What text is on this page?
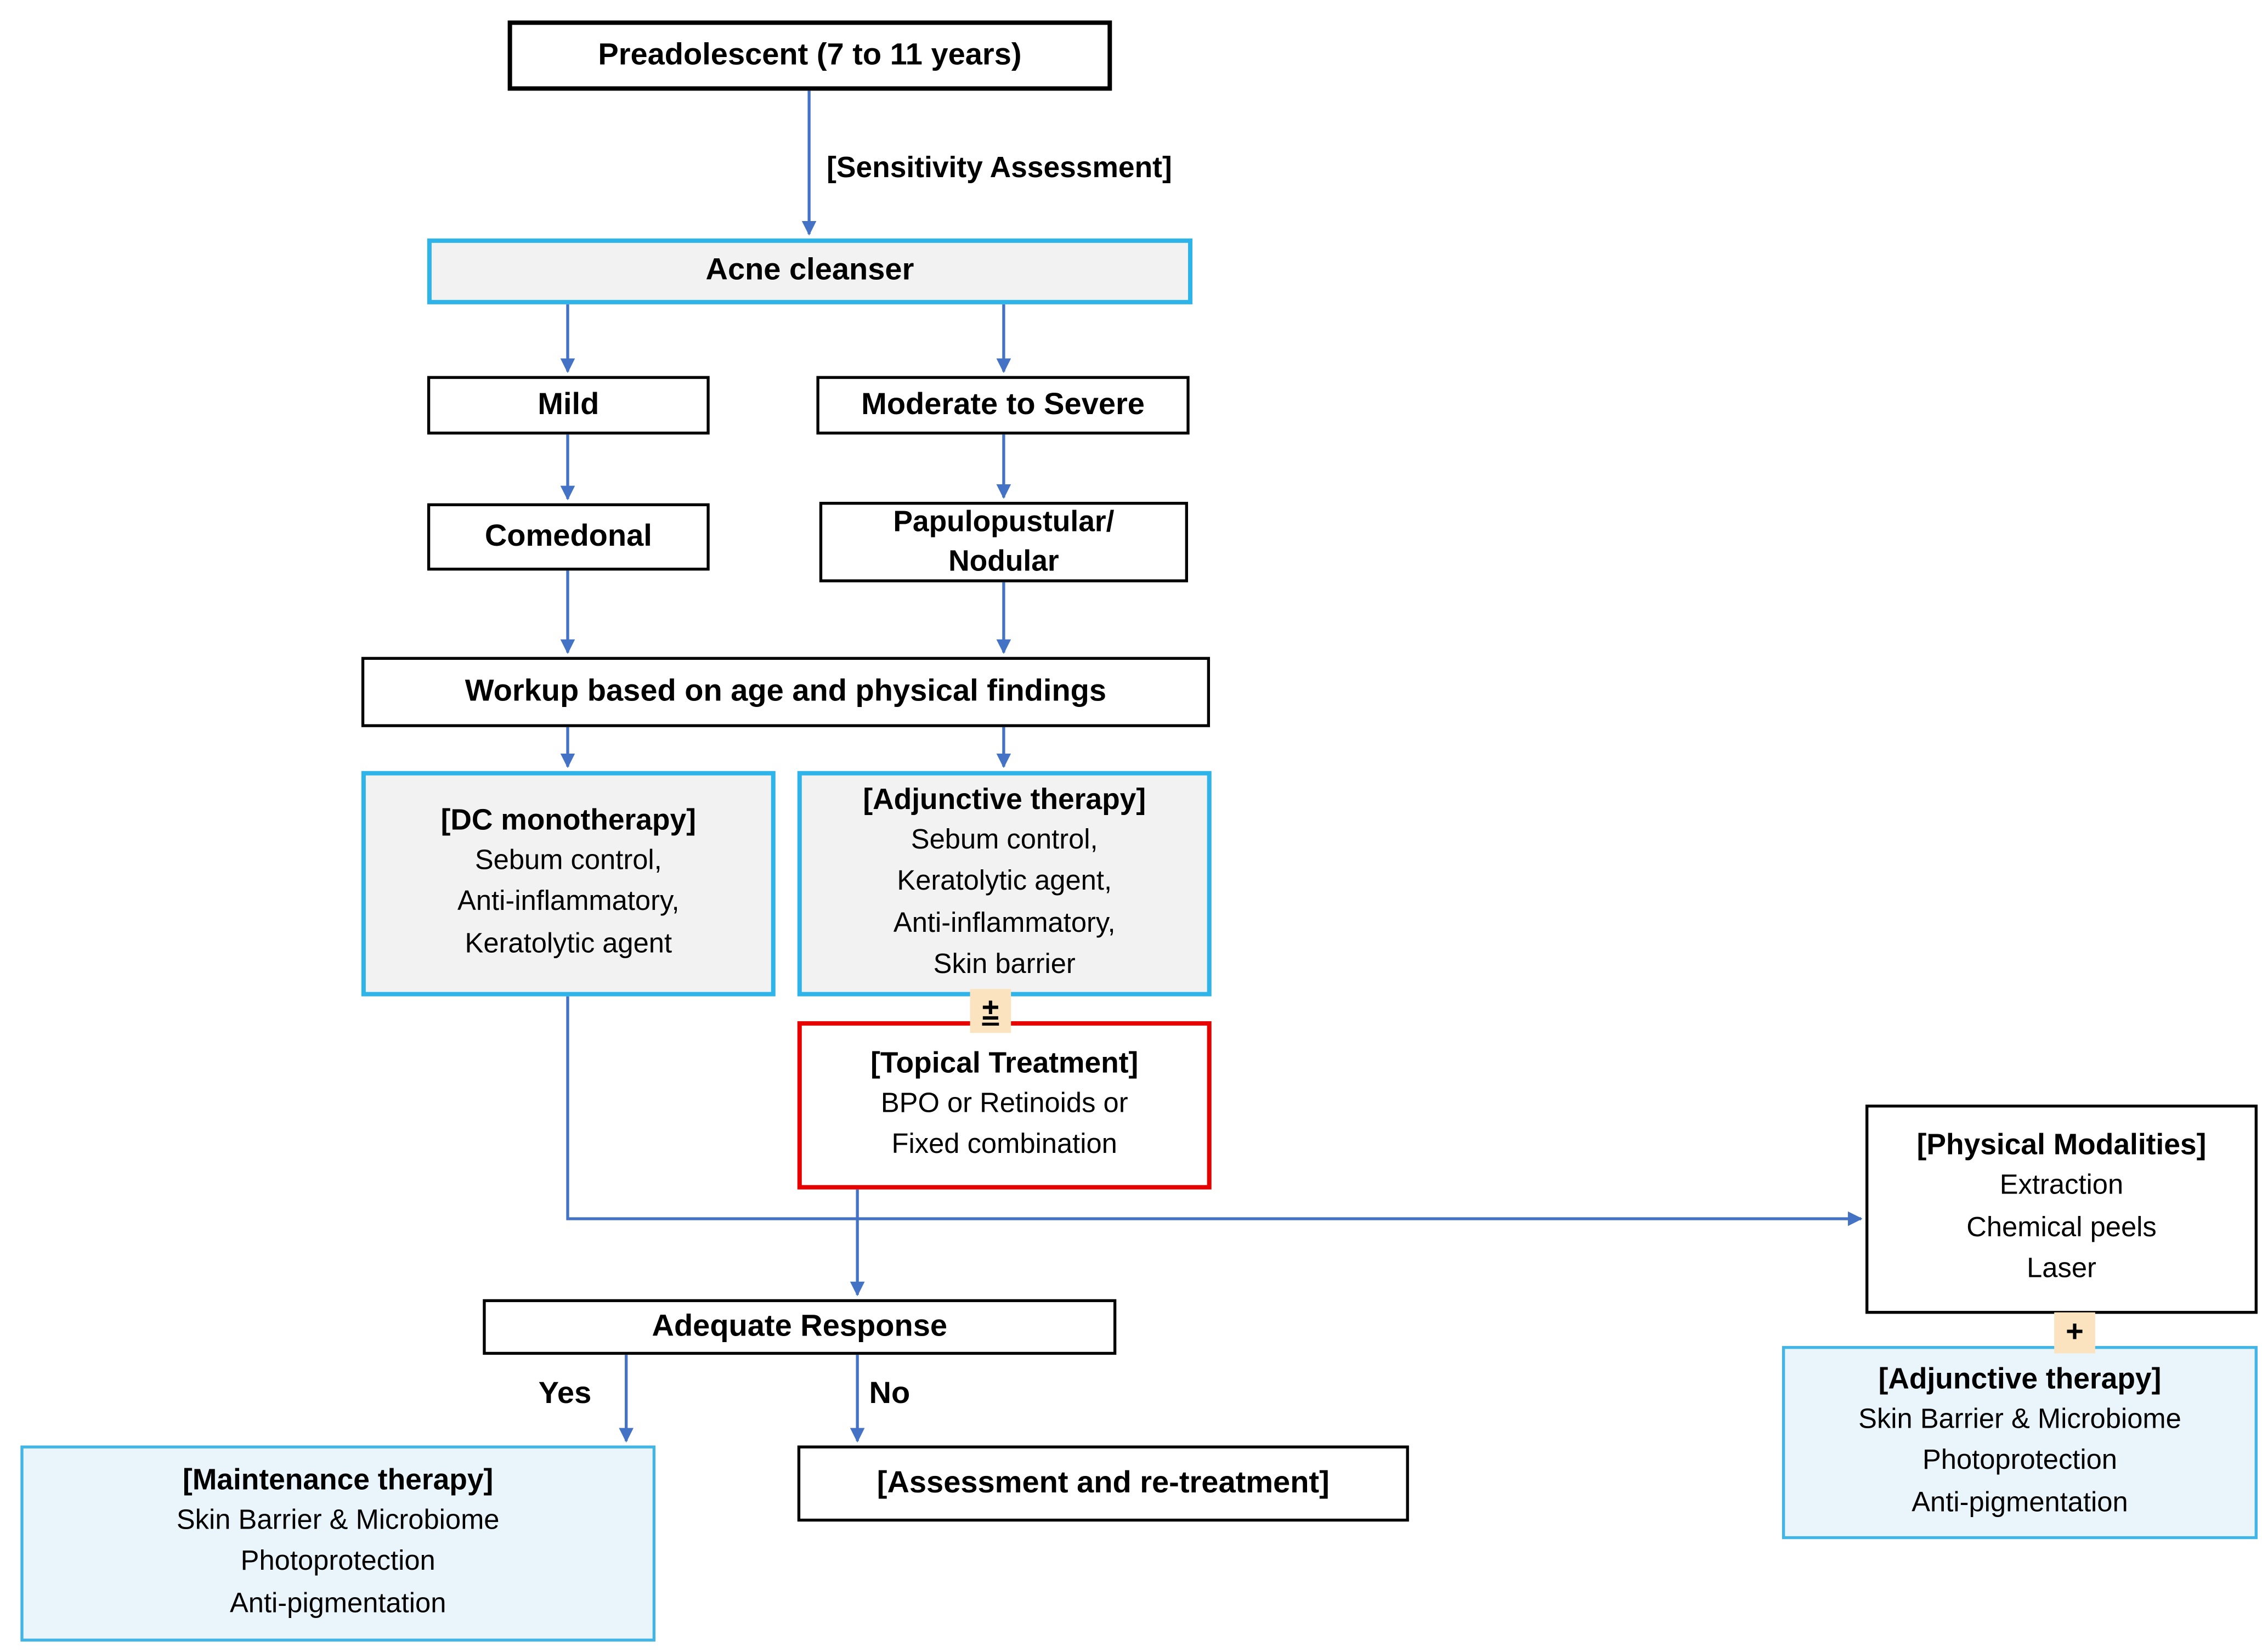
Preadolescent (7 to 11 years)
[Sensitivity Assessment]
Acne cleanser
Mild	Moderate to Severe
Comedonal	Papulopustular/
Nodular
Workup based on age and physical findings
[DC monotherapy]
Sebum control,
Anti-inflammatory,
Keratolytic agent
[Adjunctive therapy]
Sebum control,
Keratolytic agent,
Anti-inflammatory,
Skin barrier
±
[Topical Treatment]
BPO or Retinoids or
Fixed combination	[Physical Modalities]
Extraction
Chemical peels
Laser
+
[Adjunctive therapy]
Skin Barrier & Microbiome
Photoprotection
Anti-pigmentation
Adequate Response
Yes	No
[Maintenance therapy]
Skin Barrier & Microbiome
Photoprotection
Anti-pigmentation
[Assessment and re-treatment]
